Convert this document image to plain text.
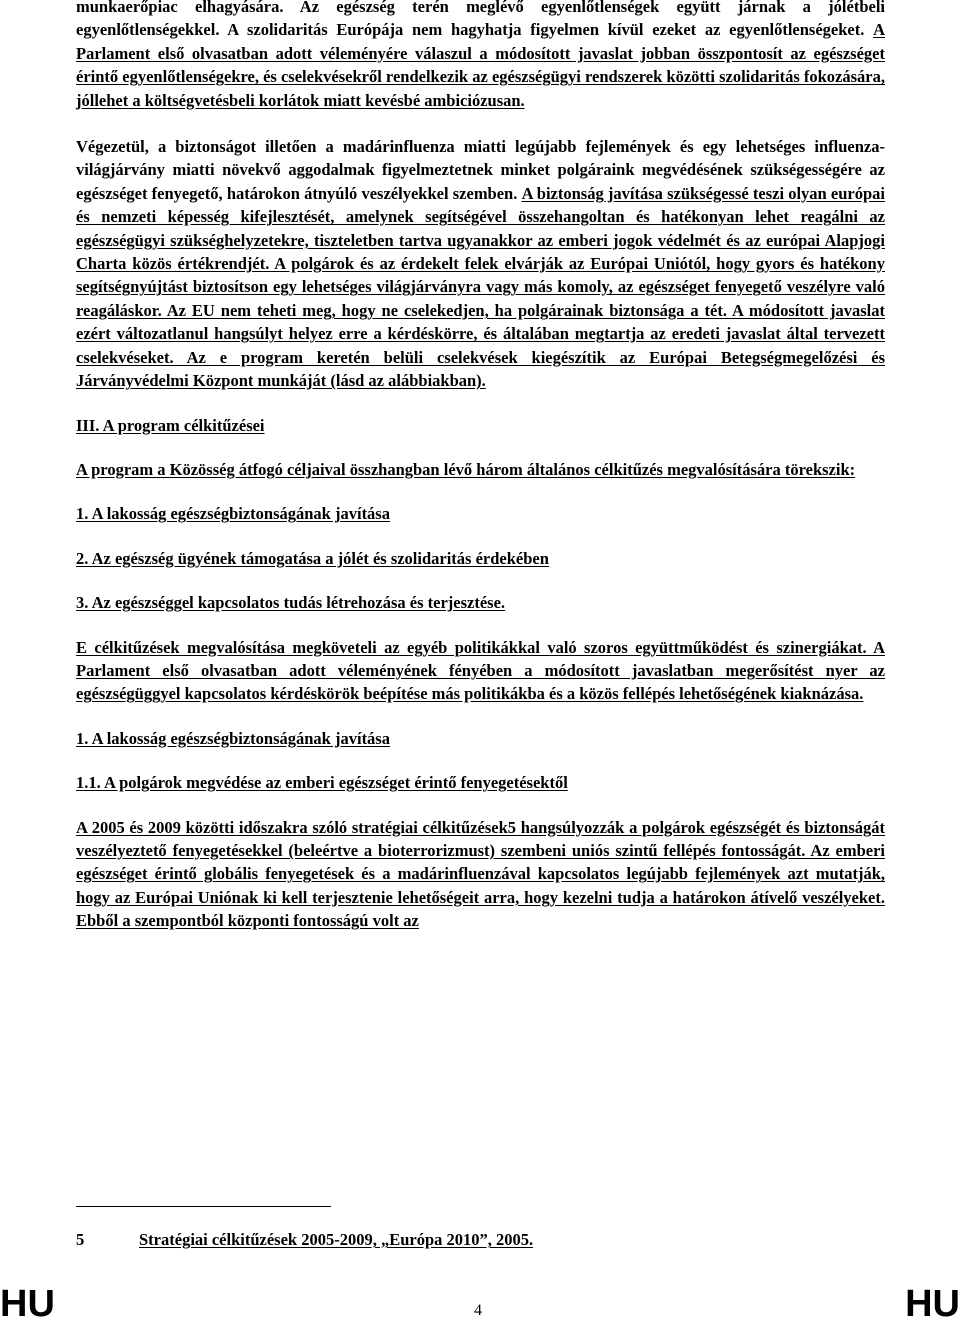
munkaerőpiac elhagyására. Az egészség terén meglévő egyenlőtlenségek együtt járnak a jólétbeli egyenlőtlenségekkel. A szolidaritás Európája nem hagyhatja figyelmen kívül ezeket az egyenlőtlenségeket. A Parlament első olvasatban adott véleményére válaszul a módosított javaslat jobban összpontosít az egészséget érintő egyenlőtlenségekre, és cselekvésekről rendelkezik az egészségügyi rendszerek közötti szolidaritás fokozására, jóllehet a költségvetésbeli korlátok miatt kevésbé ambiciózusan.

Végezetül, a biztonságot illetően a madárinfluenza miatti legújabb fejlemények és egy lehetséges influenza-világjárvány miatti növekvő aggodalmak figyelmeztetnek minket polgáraink megvédésének szükségességére az egészséget fenyegető, határokon átnyúló veszélyekkel szemben. A biztonság javítása szükségessé teszi olyan európai és nemzeti képesség kifejlesztését, amelynek segítségével összehangoltan és hatékonyan lehet reagálni az egészségügyi szükséghelyzetekre, tiszteletben tartva ugyanakkor az emberi jogok védelmét és az európai Alapjogi Charta közös értékrendjét. A polgárok és az érdekelt felek elvárják az Európai Uniótól, hogy gyors és hatékony segítségnyújtást biztosítson egy lehetséges világjárványra vagy más komoly, az egészséget fenyegető veszélyre való reagáláskor. Az EU nem teheti meg, hogy ne cselekedjen, ha polgárainak biztonsága a tét. A módosított javaslat ezért változatlanul hangsúlyt helyez erre a kérdéskörre, és általában megtartja az eredeti javaslat által tervezett cselekvéseket. Az e program keretén belüli cselekvések kiegészítik az Európai Betegségmegelőzési és Járványvédelmi Központ munkáját (lásd az alábbiakban).

III. A program célkitűzései

A program a Közösség átfogó céljaival összhangban lévő három általános célkitűzés megvalósítására törekszik:

1. A lakosság egészségbiztonságának javítása

2. Az egészség ügyének támogatása a jólét és szolidaritás érdekében

3. Az egészséggel kapcsolatos tudás létrehozása és terjesztése.

E célkitűzések megvalósítása megköveteli az egyéb politikákkal való szoros együttműködést és szinergiákat. A Parlament első olvasatban adott véleményének fényében a módosított javaslatban megerősítést nyer az egészségüggyel kapcsolatos kérdéskörök beépítése más politikákba és a közös fellépés lehetőségének kiaknázása.

1. A lakosság egészségbiztonságának javítása

1.1. A polgárok megvédése az emberi egészséget érintő fenyegetésektől

A 2005 és 2009 közötti időszakra szóló stratégiai célkitűzések5 hangsúlyozzák a polgárok egészségét és biztonságát veszélyeztető fenyegetésekkel (beleértve a bioterrorizmust) szembeni uniós szintű fellépés fontosságát. Az emberi egészséget érintő globális fenyegetések és a madárinfluenzával kapcsolatos legújabb fejlemények azt mutatják, hogy az Európai Uniónak ki kell terjesztenie lehetőségeit arra, hogy kezelni tudja a határokon átívelő veszélyeket. Ebből a szempontból központi fontosságú volt az

5	Stratégiai célkitűzések 2005-2009, „Európa 2010”, 2005.
HU	4	HU
